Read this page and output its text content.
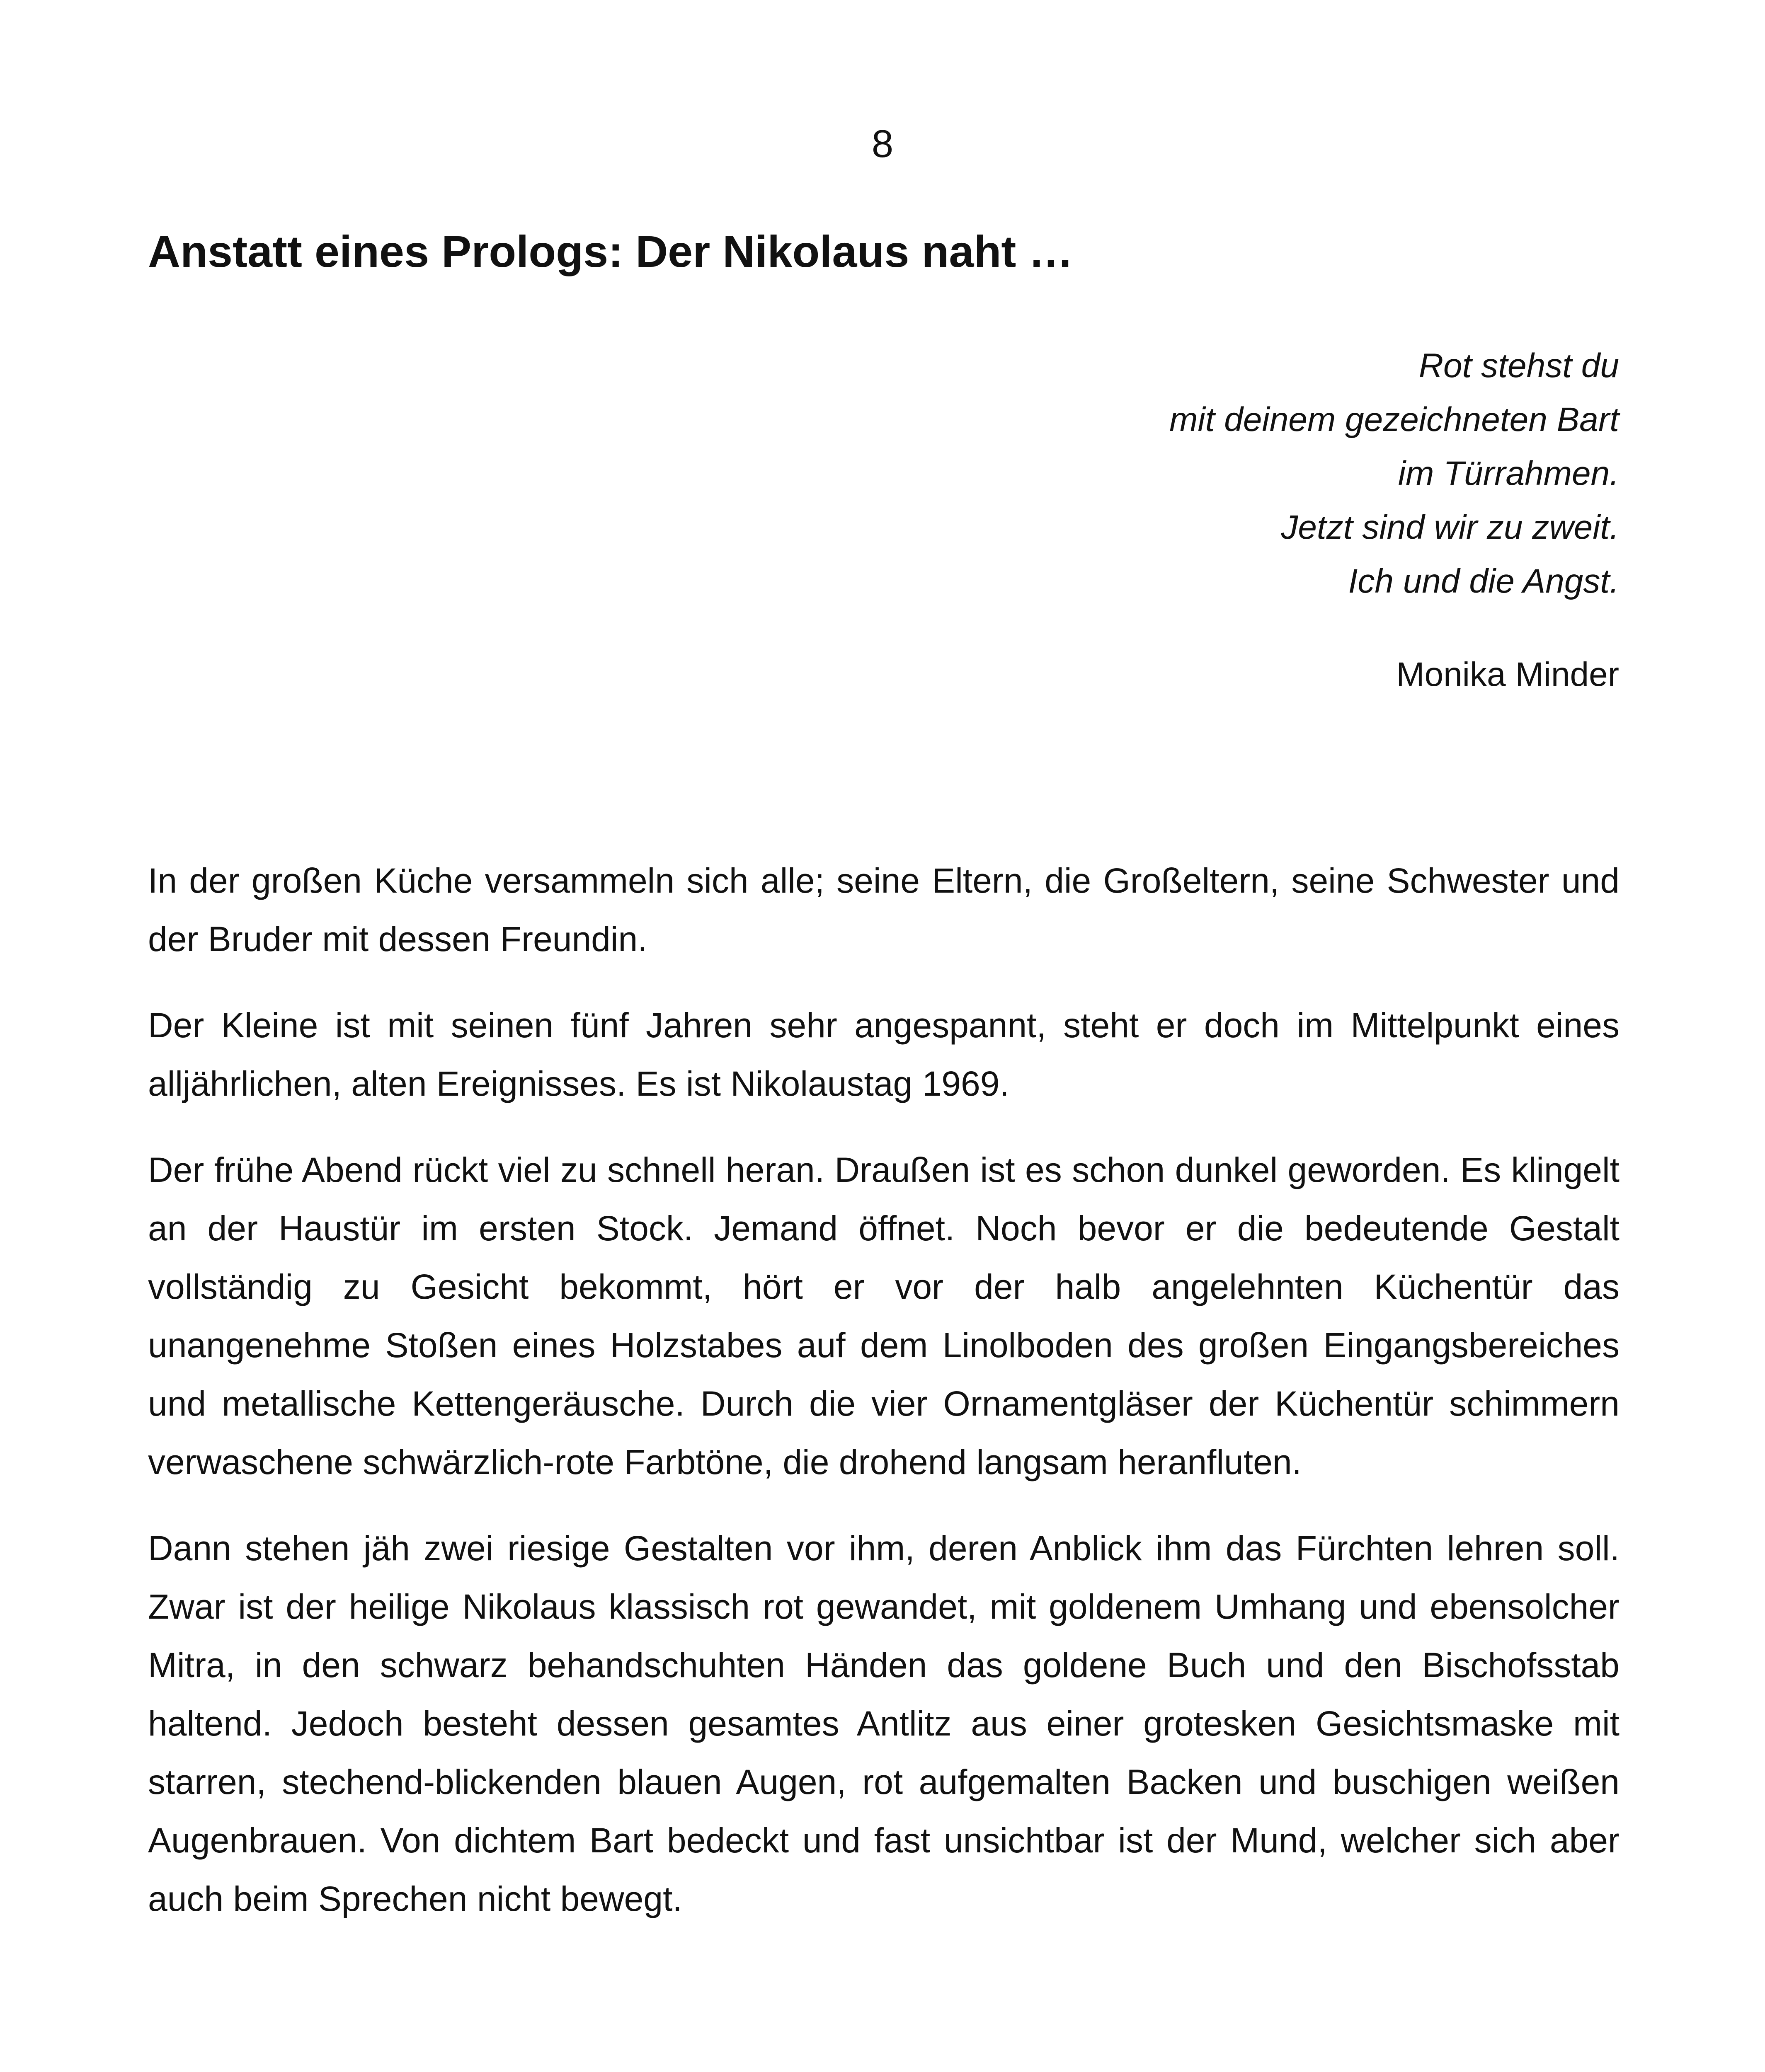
8
Anstatt eines Prologs: Der Nikolaus naht …
Rot stehst du
mit deinem gezeichneten Bart
im Türrahmen.
Jetzt sind wir zu zweit.
Ich und die Angst.
Monika Minder

In der großen Küche versammeln sich alle; seine Eltern, die Großeltern, seine Schwester und der Bruder mit dessen Freundin.

Der Kleine ist mit seinen fünf Jahren sehr angespannt, steht er doch im Mittelpunkt eines alljährlichen, alten Ereignisses. Es ist Nikolaustag 1969.

Der frühe Abend rückt viel zu schnell heran. Draußen ist es schon dunkel geworden. Es klingelt an der Haustür im ersten Stock. Jemand öffnet. Noch bevor er die bedeutende Gestalt vollständig zu Gesicht bekommt, hört er vor der halb angelehnten Küchentür das unangenehme Stoßen eines Holzstabes auf dem Linolboden des großen Eingangsbereiches und metallische Kettengeräusche. Durch die vier Ornamentgläser der Küchentür schimmern verwaschene schwärzlich-rote Farbtöne, die drohend langsam heranfluten.

Dann stehen jäh zwei riesige Gestalten vor ihm, deren Anblick ihm das Fürchten lehren soll. Zwar ist der heilige Nikolaus klassisch rot gewandet, mit goldenem Umhang und ebensolcher Mitra, in den schwarz behandschuhten Händen das goldene Buch und den Bischofsstab haltend. Jedoch besteht dessen gesamtes Antlitz aus einer grotesken Gesichtsmaske mit starren, stechend-blickenden blauen Augen, rot aufgemalten Backen und buschigen weißen Augenbrauen. Von dichtem Bart bedeckt und fast unsichtbar ist der Mund, welcher sich aber auch beim Sprechen nicht bewegt.
